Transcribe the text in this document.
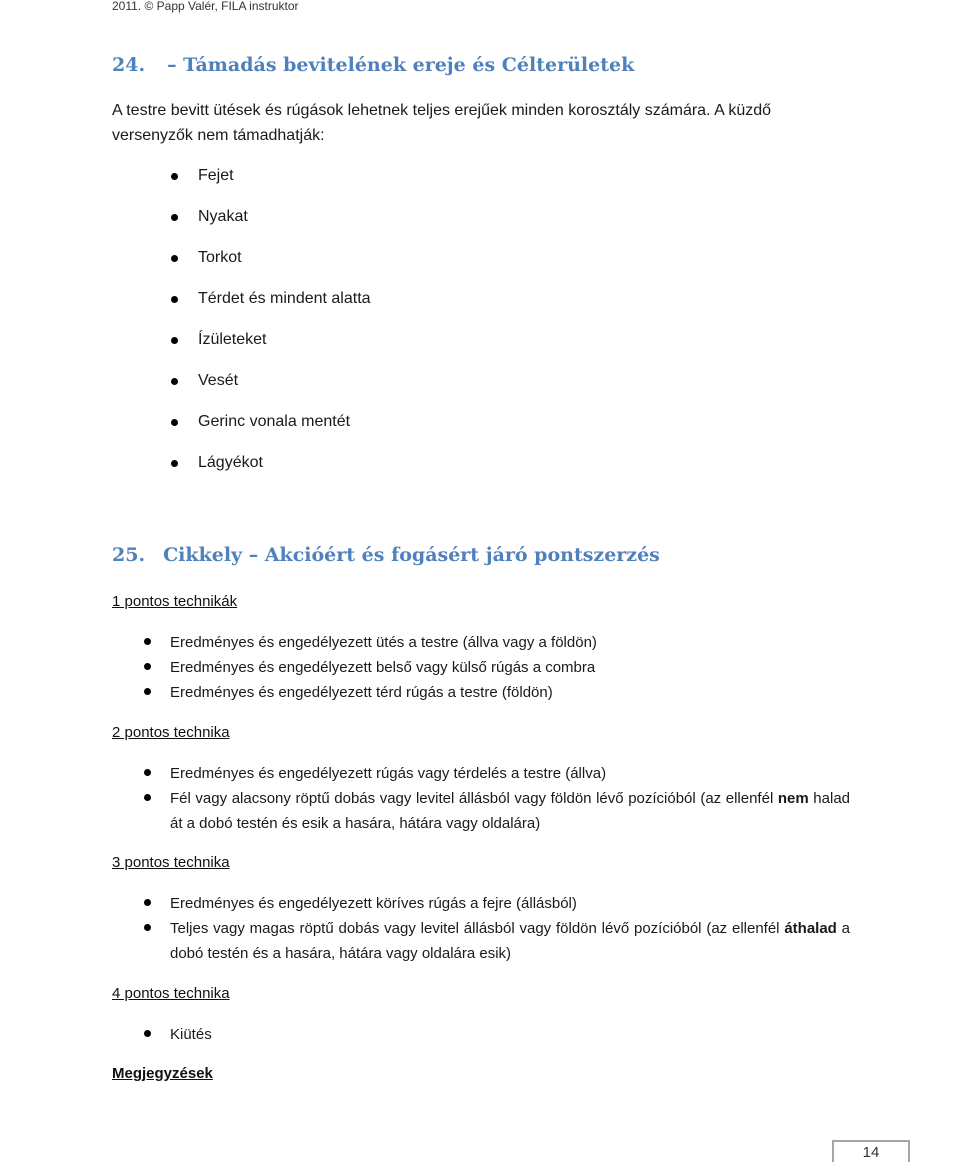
2011. © Papp Valér, FILA instruktor
24. – Támadás bevitelének ereje és Célterületek

A testre bevitt ütések és rúgások lehetnek teljes erejűek minden korosztály számára. A küzdő versenyzők nem támadhatják:

Fejet
Nyakat
Torkot
Térdet és mindent alatta
Ízületeket
Vesét
Gerinc vonala mentét
Lágyékot
25. Cikkely – Akcióért és fogásért járó pontszerzés

1 pontos technikák

Eredményes és engedélyezett ütés a testre (állva vagy a földön)

Eredményes és engedélyezett belső vagy külső rúgás a combra

Eredményes és engedélyezett térd rúgás a testre (földön)

2 pontos technika

Eredményes és engedélyezett rúgás vagy térdelés a testre (állva)

Fél vagy alacsony röptű dobás vagy levitel állásból vagy földön lévő pozícióból (az ellenfél nem halad át a dobó testén és esik a hasára, hátára vagy oldalára)

3 pontos technika

Eredményes és engedélyezett köríves rúgás a fejre (állásból)

Teljes vagy magas röptű dobás vagy levitel állásból vagy földön lévő pozícióból (az ellenfél áthalad a dobó testén és a hasára, hátára vagy oldalára esik)

4 pontos technika

Kiütés

Megjegyzések

14
